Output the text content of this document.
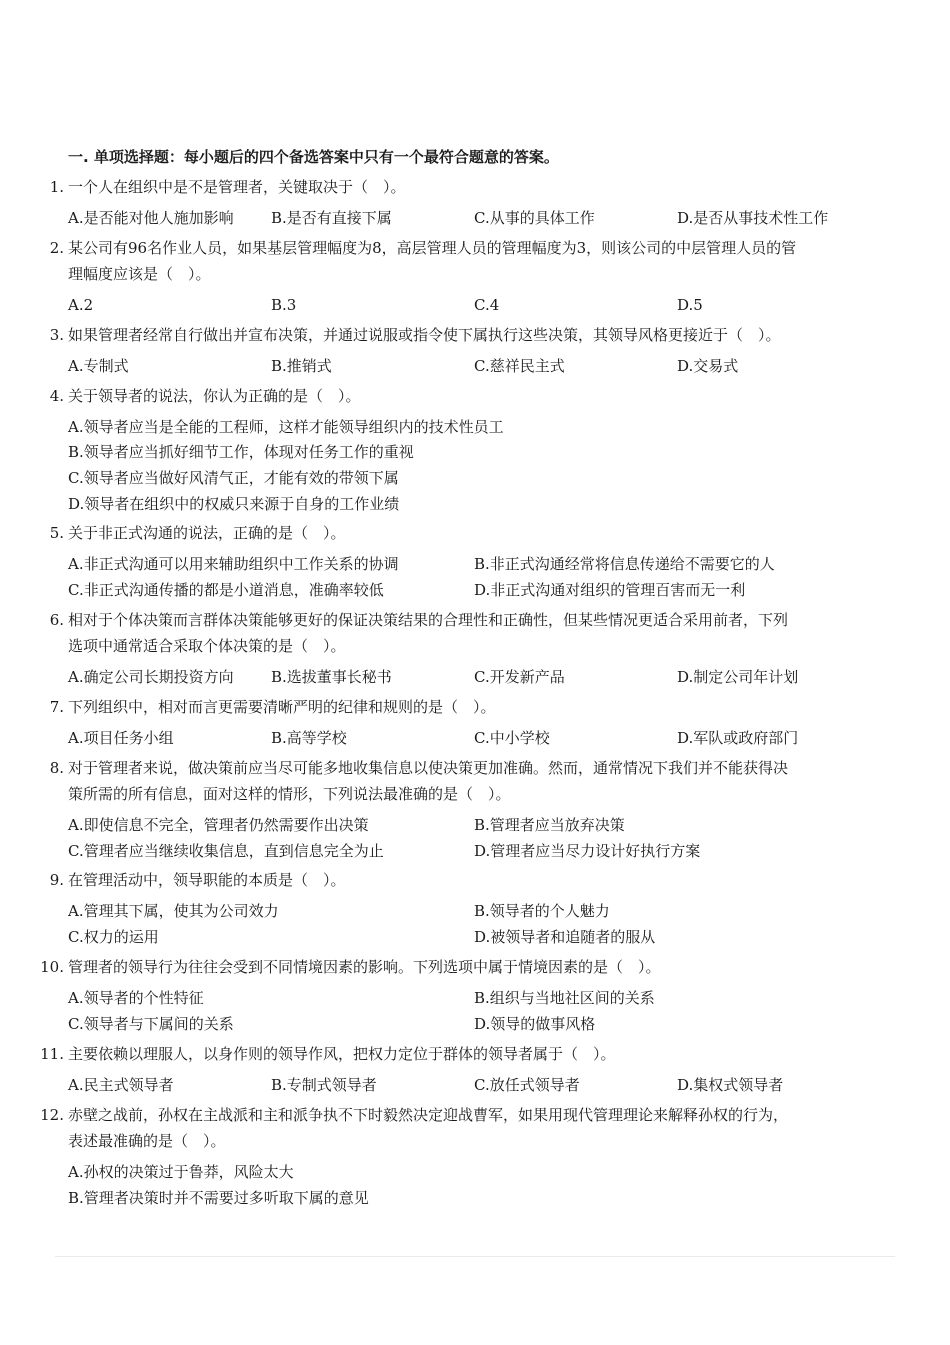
一. 单项选择题：每小题后的四个备选答案中只有一个最符合题意的答案。
1. 一个人在组织中是不是管理者，关键取决于（　）。
A.是否能对他人施加影响 B.是否有直接下属	C.从事的具体工作	D.是否从事技术性工作
2. 某公司有96名作业人员，如果基层管理幅度为8，高层管理人员的管理幅度为3，则该公司的中层管理人员的管
理幅度应该是（　）。
A.2	B.3	C.4	D.5
3. 如果管理者经常自行做出并宣布决策，并通过说服或指令使下属执行这些决策，其领导风格更接近于（　）。
A.专制式	B.推销式	C.慈祥民主式	D.交易式
4. 关于领导者的说法，你认为正确的是（　）。
A.领导者应当是全能的工程师，这样才能领导组织内的技术性员工
B.领导者应当抓好细节工作，体现对任务工作的重视
C.领导者应当做好风清气正，才能有效的带领下属
D.领导者在组织中的权威只来源于自身的工作业绩
5. 关于非正式沟通的说法，正确的是（　）。
A.非正式沟通可以用来辅助组织中工作关系的协调	B.非正式沟通经常将信息传递给不需要它的人
C.非正式沟通传播的都是小道消息，准确率较低	D.非正式沟通对组织的管理百害而无一利
6. 相对于个体决策而言群体决策能够更好的保证决策结果的合理性和正确性，但某些情况更适合采用前者，下列
选项中通常适合采取个体决策的是（　）。
A.确定公司长期投资方向 B.选拔董事长秘书	C.开发新产品	D.制定公司年计划
7. 下列组织中，相对而言更需要清晰严明的纪律和规则的是（　）。
A.项目任务小组	B.高等学校	C.中小学校	D.军队或政府部门
8. 对于管理者来说，做决策前应当尽可能多地收集信息以使决策更加准确。然而，通常情况下我们并不能获得决
策所需的所有信息，面对这样的情形，下列说法最准确的是（　）。
A.即使信息不完全，管理者仍然需要作出决策	B.管理者应当放弃决策
C.管理者应当继续收集信息，直到信息完全为止	D.管理者应当尽力设计好执行方案
9. 在管理活动中，领导职能的本质是（　）。
A.管理其下属，使其为公司效力	B.领导者的个人魅力
C.权力的运用	D.被领导者和追随者的服从
10. 管理者的领导行为往往会受到不同情境因素的影响。下列选项中属于情境因素的是（　）。
A.领导者的个性特征	B.组织与当地社区间的关系
C.领导者与下属间的关系	D.领导的做事风格
11. 主要依赖以理服人，以身作则的领导作风，把权力定位于群体的领导者属于（　）。
A.民主式领导者	B.专制式领导者	C.放任式领导者	D.集权式领导者
12. 赤壁之战前，孙权在主战派和主和派争执不下时毅然决定迎战曹军，如果用现代管理理论来解释孙权的行为，
表述最准确的是（　）。
A.孙权的决策过于鲁莽，风险太大
B.管理者决策时并不需要过多听取下属的意见
